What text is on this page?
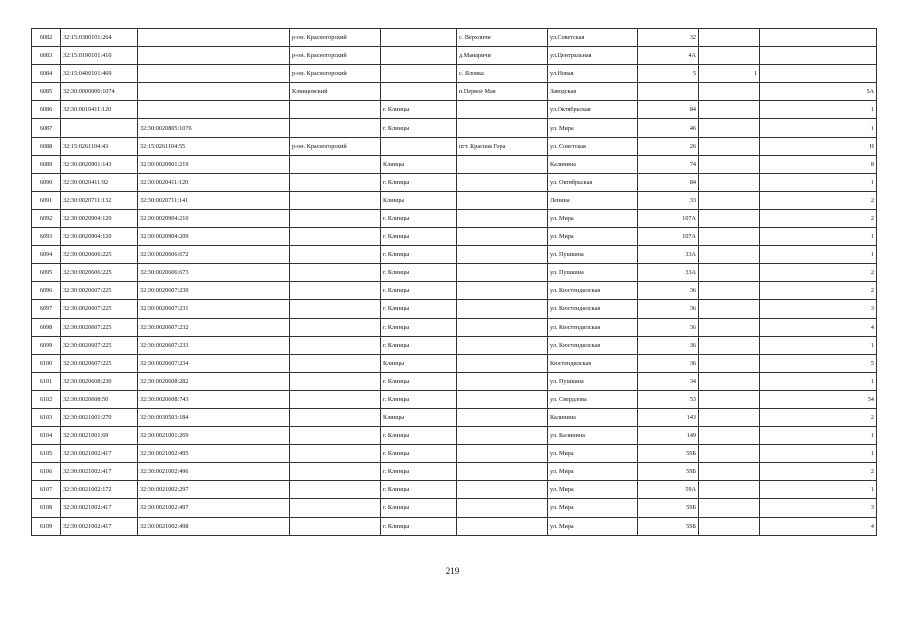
6082	32:15:0380101:264		р-он. Красногорский		с. Верхличи	ул.Советская	32		
6083	32:15:0190101:410		р-он. Красногорский		д.Манаричи	ул.Центральная	4А		
6084	32:15:0400101:469		р-он. Красногорский		с. Яловка	ул.Новая	5	1	
6085	32:30:0000000:1074		Клинцовский		п.Первое Мая	Заводская			5А
6086	32:30:0010411:120			г. Клинцы		ул.Октябрьская	84		1
6087		32:30:0020805:1076		г. Клинцы		ул. Мира	46		1
6088	32:15:0261104:43	32:15:0261104:55	р-он. Красногорский		пгт. Красная Гора	ул. Советская	26		Н
6089	32:30:0020901:143	32:30:0020901:219		Клинцы		Калинина	74		8
6090	32:30:0020411:92	32:30:0020411:120		г. Клинцы		ул. Октябрьская	84		1
6091	32:30:0020711:132	32:30:0020711:141		Клинцы		Ленина	33		2
6092	32:30:0020904:120	32:30:0020904:210		г. Клинцы		ул. Мира	107А		2
6093	32:30:0020904:120	32:30:0020904:209		г. Клинцы		ул. Мира	107А		1
6094	32:30:0020606:225	32:30:0020606:672		г. Клинцы		ул. Пушкина	33А		1
6095	32:30:0020606:225	32:30:0020606:673		г. Клинцы		ул. Пушкина	33А		2
6096	32:30:0020607:225	32:30:0020607:230		г. Клинцы		ул. Кюстендилская	36		2
6097	32:30:0020607:225	32:30:0020607:231		г. Клинцы		ул. Кюстендилская	36		3
6098	32:30:0020607:225	32:30:0020607:232		г. Клинцы		ул. Кюстендилская	36		4
6099	32:30:0020607:225	32:30:0020607:233		г. Клинцы		ул. Кюстендилская	36		1
6100	32:30:0020607:225	32:30:0020607:234		Клинцы		Кюстендилская	36		5
6101	32:30:0020608:230	32:30:0020608:282		г. Клинцы		ул. Пушкина	34		1
6102	32:30:0020608:50	32:30:0020608:743		г. Клинцы		ул. Свердлова	53		54
6103	32:30:0021001:270	32:30:0030503:184		Клинцы		Калинина	143		2
6104	32:30:0021001:69	32:30:0021001:269		г. Клинцы		ул. Калинина	149		1
6105	32:30:0021002:417	32:30:0021002:495		г. Клинцы		ул. Мира	59Б		1
6106	32:30:0021002:417	32:30:0021002:496		г. Клинцы		ул. Мира	59Б		2
6107	32:30:0021002:172	32:30:0021002:297		г. Клинцы		ул. Мира	59А		1
6108	32:30:0021002:417	32:30:0021002:497		г. Клинцы		ул. Мира	59Б		3
6109	32:30:0021002:417	32:30:0021002:498		г. Клинцы		ул. Мира	59Б		4
219
